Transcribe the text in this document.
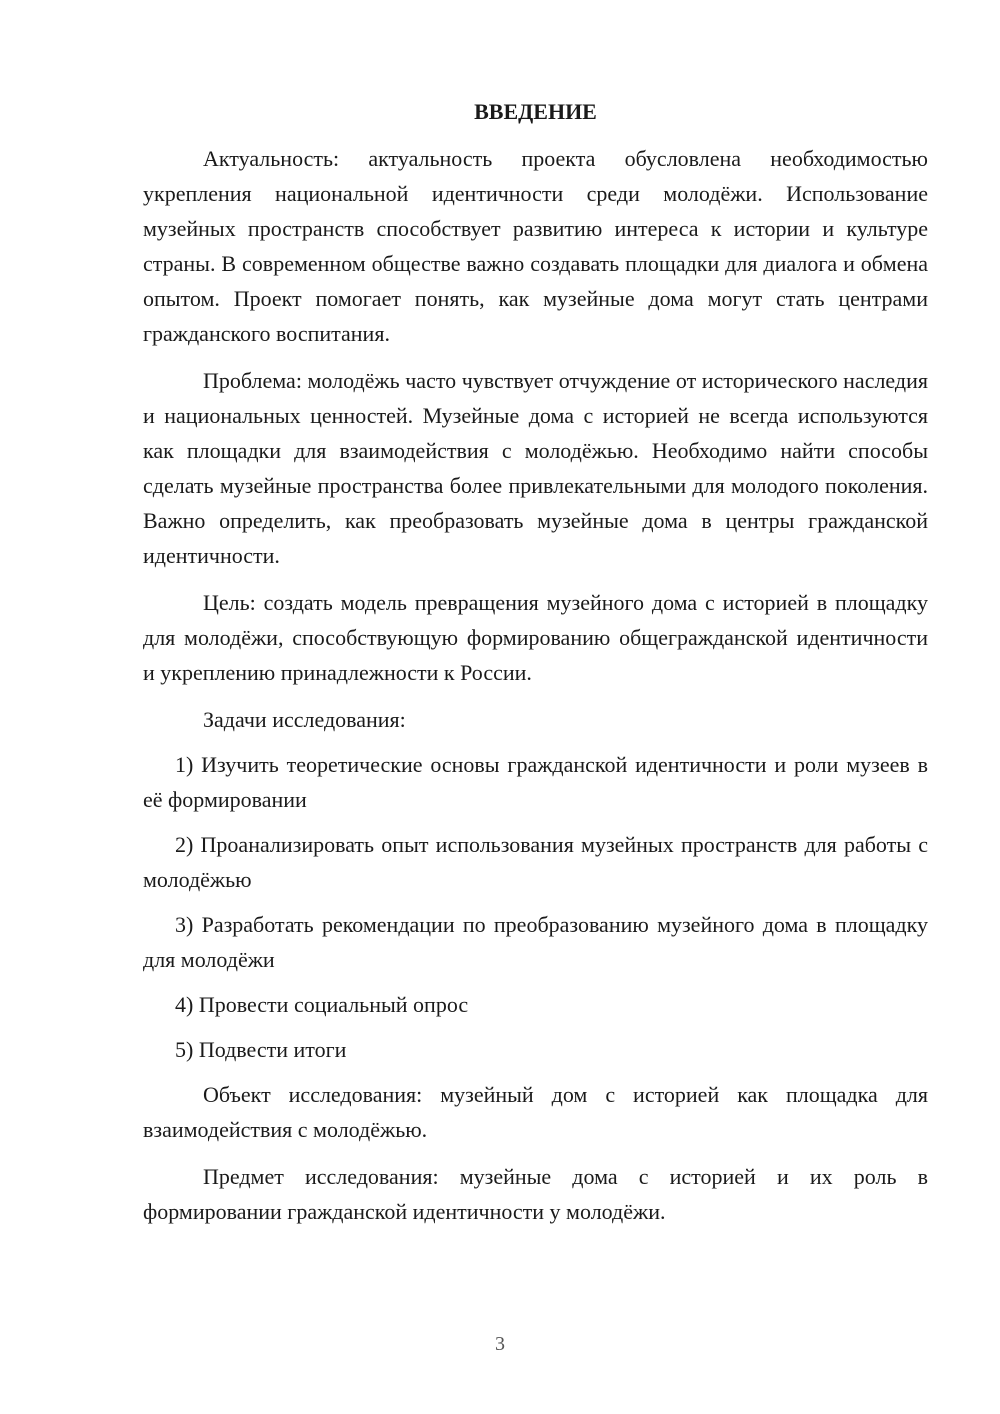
ВВЕДЕНИЕ

Актуальность: актуальность проекта обусловлена необходимостью укрепления национальной идентичности среди молодёжи. Использование музейных пространств способствует развитию интереса к истории и культуре страны. В современном обществе важно создавать площадки для диалога и обмена опытом. Проект помогает понять, как музейные дома могут стать центрами гражданского воспитания.

Проблема: молодёжь часто чувствует отчуждение от исторического наследия и национальных ценностей. Музейные дома с историей не всегда используются как площадки для взаимодействия с молодёжью. Необходимо найти способы сделать музейные пространства более привлекательными для молодого поколения. Важно определить, как преобразовать музейные дома в центры гражданской идентичности.

Цель: создать модель превращения музейного дома с историей в площадку для молодёжи, способствующую формированию общегражданской идентичности и укреплению принадлежности к России.

Задачи исследования:

1) Изучить теоретические основы гражданской идентичности и роли музеев в её формировании

2) Проанализировать опыт использования музейных пространств для работы с молодёжью

3) Разработать рекомендации по преобразованию музейного дома в площадку для молодёжи

4) Провести социальный опрос

5) Подвести итоги

Объект исследования: музейный дом с историей как площадка для взаимодействия с молодёжью.

Предмет исследования: музейные дома с историей и их роль в формировании гражданской идентичности у молодёжи.

3
